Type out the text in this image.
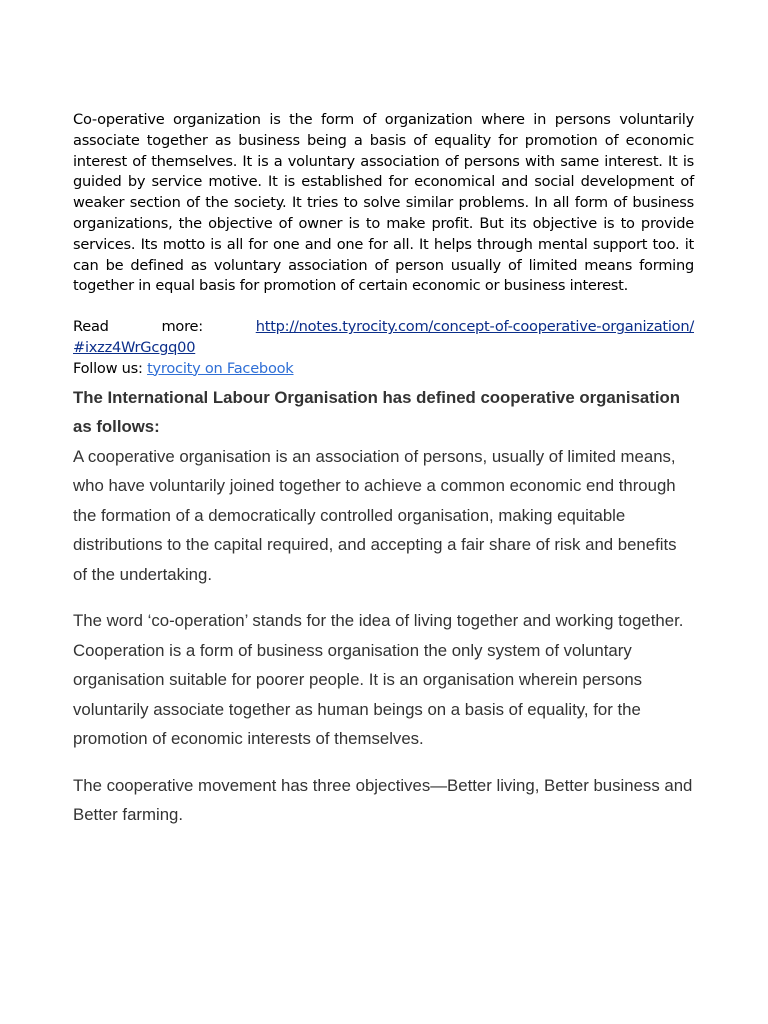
Co-operative organization is the form of organization where in persons voluntarily associate together as business being a basis of equality for promotion of economic interest of themselves. It is a voluntary association of persons with same interest. It is guided by service motive. It is established for economical and social development of weaker section of the society. It tries to solve similar problems. In all form of business organizations, the objective of owner is to make profit. But its objective is to provide services. Its motto is all for one and one for all. It helps through mental support too. it can be defined as voluntary association of person usually of limited means forming together in equal basis for promotion of certain economic or business interest.

Read	more:	http://notes.tyrocity.com/concept-of-cooperative-organization/

#ixzz4WrGcgq00

Follow us: tyrocity on Facebook

The International Labour Organisation has defined cooperative organisation as follows:

A cooperative organisation is an association of persons, usually of limited means, who have voluntarily joined together to achieve a common economic end through the formation of a democratically controlled organisation, making equitable distributions to the capital required, and accepting a fair share of risk and benefits of the undertaking.

The word ‘co-operation’ stands for the idea of living together and working together. Cooperation is a form of business organisation the only system of voluntary organisation suitable for poorer people. It is an organisation wherein persons voluntarily associate together as human beings on a basis of equality, for the promotion of economic interests of themselves.

The cooperative movement has three objectives—Better living, Better business and Better farming.
